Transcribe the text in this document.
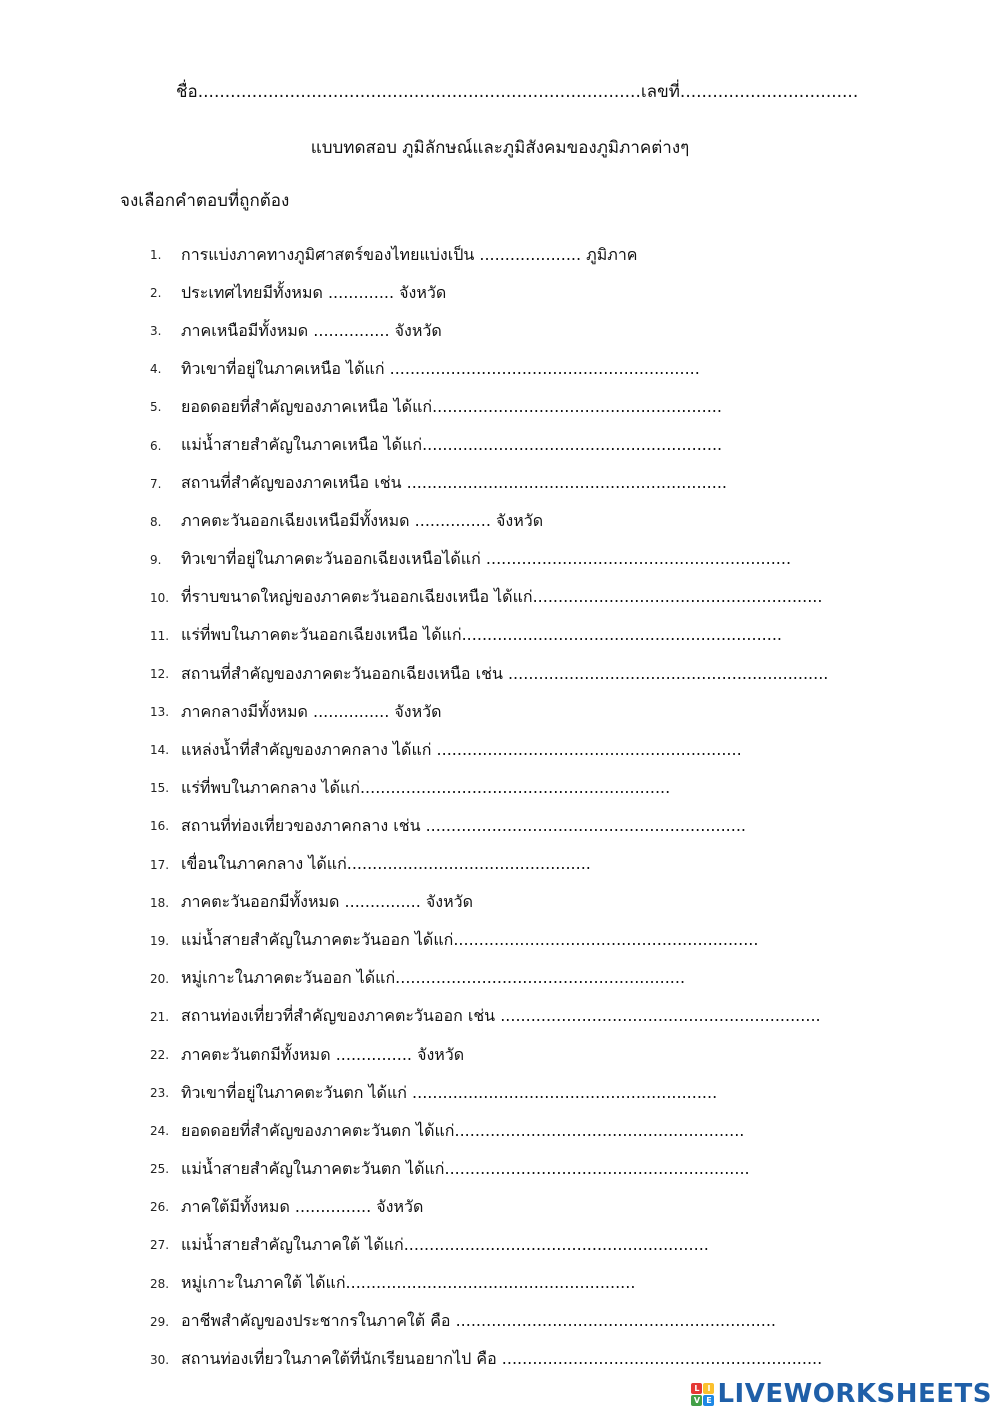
ชื่อ..................................................................................เลขที่.................................
แบบทดสอบ ภูมิลักษณ์และภูมิสังคมของภูมิภาคต่างๆ
จงเลือกคำตอบที่ถูกต้อง
1.	การแบ่งภาคทางภูมิศาสตร์ของไทยแบ่งเป็น .................... ภูมิภาค
2.	ประเทศไทยมีทั้งหมด ............. จังหวัด
3.	ภาคเหนือมีทั้งหมด ............... จังหวัด
4.	ทิวเขาที่อยู่ในภาคเหนือ ได้แก่ .............................................................
5.	ยอดดอยที่สำคัญของภาคเหนือ ได้แก่.........................................................
6.	แม่น้ำสายสำคัญในภาคเหนือ ได้แก่...........................................................
7.	สถานที่สำคัญของภาคเหนือ เช่น ...............................................................
8.	ภาคตะวันออกเฉียงเหนือมีทั้งหมด ............... จังหวัด
9.	ทิวเขาที่อยู่ในภาคตะวันออกเฉียงเหนือได้แก่ ............................................................
10. ที่ราบขนาดใหญ่ของภาคตะวันออกเฉียงเหนือ ได้แก่.........................................................
11. แร่ที่พบในภาคตะวันออกเฉียงเหนือ ได้แก่...............................................................
12. สถานที่สำคัญของภาคตะวันออกเฉียงเหนือ เช่น ...............................................................
13. ภาคกลางมีทั้งหมด ............... จังหวัด
14. แหล่งน้ำที่สำคัญของภาคกลาง ได้แก่ ............................................................
15. แร่ที่พบในภาคกลาง ได้แก่.............................................................
16. สถานที่ท่องเที่ยวของภาคกลาง เช่น ...............................................................
17. เขื่อนในภาคกลาง ได้แก่................................................
18. ภาคตะวันออกมีทั้งหมด ............... จังหวัด
19. แม่น้ำสายสำคัญในภาคตะวันออก ได้แก่............................................................
20. หมู่เกาะในภาคตะวันออก ได้แก่.........................................................
21. สถานท่องเที่ยวที่สำคัญของภาคตะวันออก เช่น ...............................................................
22. ภาคตะวันตกมีทั้งหมด ............... จังหวัด
23. ทิวเขาที่อยู่ในภาคตะวันตก ได้แก่ ............................................................
24. ยอดดอยที่สำคัญของภาคตะวันตก ได้แก่.........................................................
25. แม่น้ำสายสำคัญในภาคตะวันตก ได้แก่............................................................
26. ภาคใต้มีทั้งหมด ............... จังหวัด
27. แม่น้ำสายสำคัญในภาคใต้ ได้แก่............................................................
28. หมู่เกาะในภาคใต้ ได้แก่.........................................................
29. อาชีพสำคัญของประชากรในภาคใต้ คือ ...............................................................
30. สถานท่องเที่ยวในภาคใต้ที่นักเรียนอยากไป คือ ...............................................................
L I
V E LIVEWORKSHEETS
